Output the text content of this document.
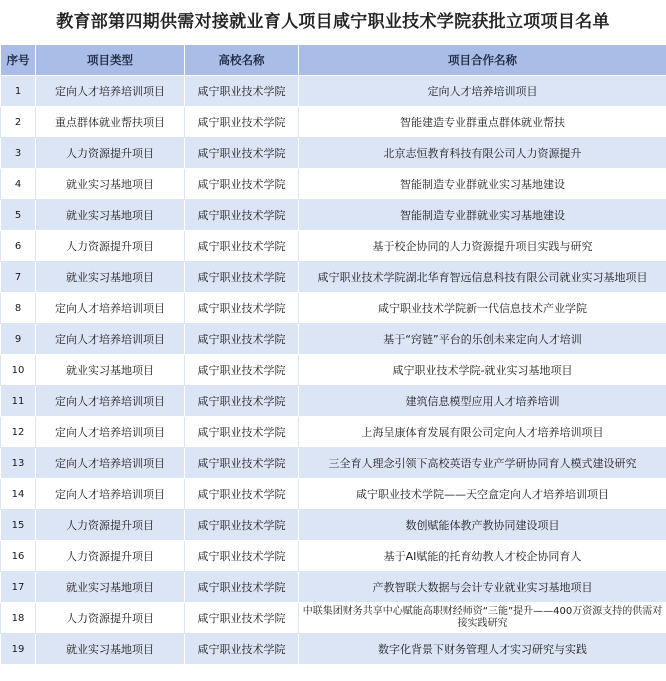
教育部第四期供需对接就业育人项目咸宁职业技术学院获批立项项目名单
序号	项目类型	高校名称	项目合作名称
1	定向人才培养培训项目	咸宁职业技术学院	定向人才培养培训项目
2	重点群体就业帮扶项目	咸宁职业技术学院	智能建造专业群重点群体就业帮扶
3	人力资源提升项目	咸宁职业技术学院	北京志恒教育科技有限公司人力资源提升
4	就业实习基地项目	咸宁职业技术学院	智能制造专业群就业实习基地建设
5	就业实习基地项目	咸宁职业技术学院	智能制造专业群就业实习基地建设
6	人力资源提升项目	咸宁职业技术学院	基于校企协同的人力资源提升项目实践与研究
7	就业实习基地项目	咸宁职业技术学院	咸宁职业技术学院湖北华育智远信息科技有限公司就业实习基地项目
8	定向人才培养培训项目	咸宁职业技术学院	咸宁职业技术学院新一代信息技术产业学院
9	定向人才培养培训项目	咸宁职业技术学院	基于“窍链”平台的乐创未来定向人才培训
10	就业实习基地项目	咸宁职业技术学院	咸宁职业技术学院-就业实习基地项目
11	定向人才培养培训项目	咸宁职业技术学院	建筑信息模型应用人才培养培训
12	定向人才培养培训项目	咸宁职业技术学院	上海呈康体育发展有限公司定向人才培养培训项目
13	定向人才培养培训项目	咸宁职业技术学院	三全育人理念引领下高校英语专业产学研协同育人模式建设研究
14	定向人才培养培训项目	咸宁职业技术学院	咸宁职业技术学院——天空盒定向人才培养培训项目
15	人力资源提升项目	咸宁职业技术学院	数创赋能体教产教协同建设项目
16	人力资源提升项目	咸宁职业技术学院	基于AI赋能的托育幼教人才校企协同育人
17	就业实习基地项目	咸宁职业技术学院	产教智联大数据与会计专业就业实习基地项目
18	人力资源提升项目	咸宁职业技术学院	中联集团财务共享中心赋能高职财经师资“三能”提升——400万资源支持的供需对接实践研究
19	就业实习基地项目	咸宁职业技术学院	数字化背景下财务管理人才实习研究与实践
